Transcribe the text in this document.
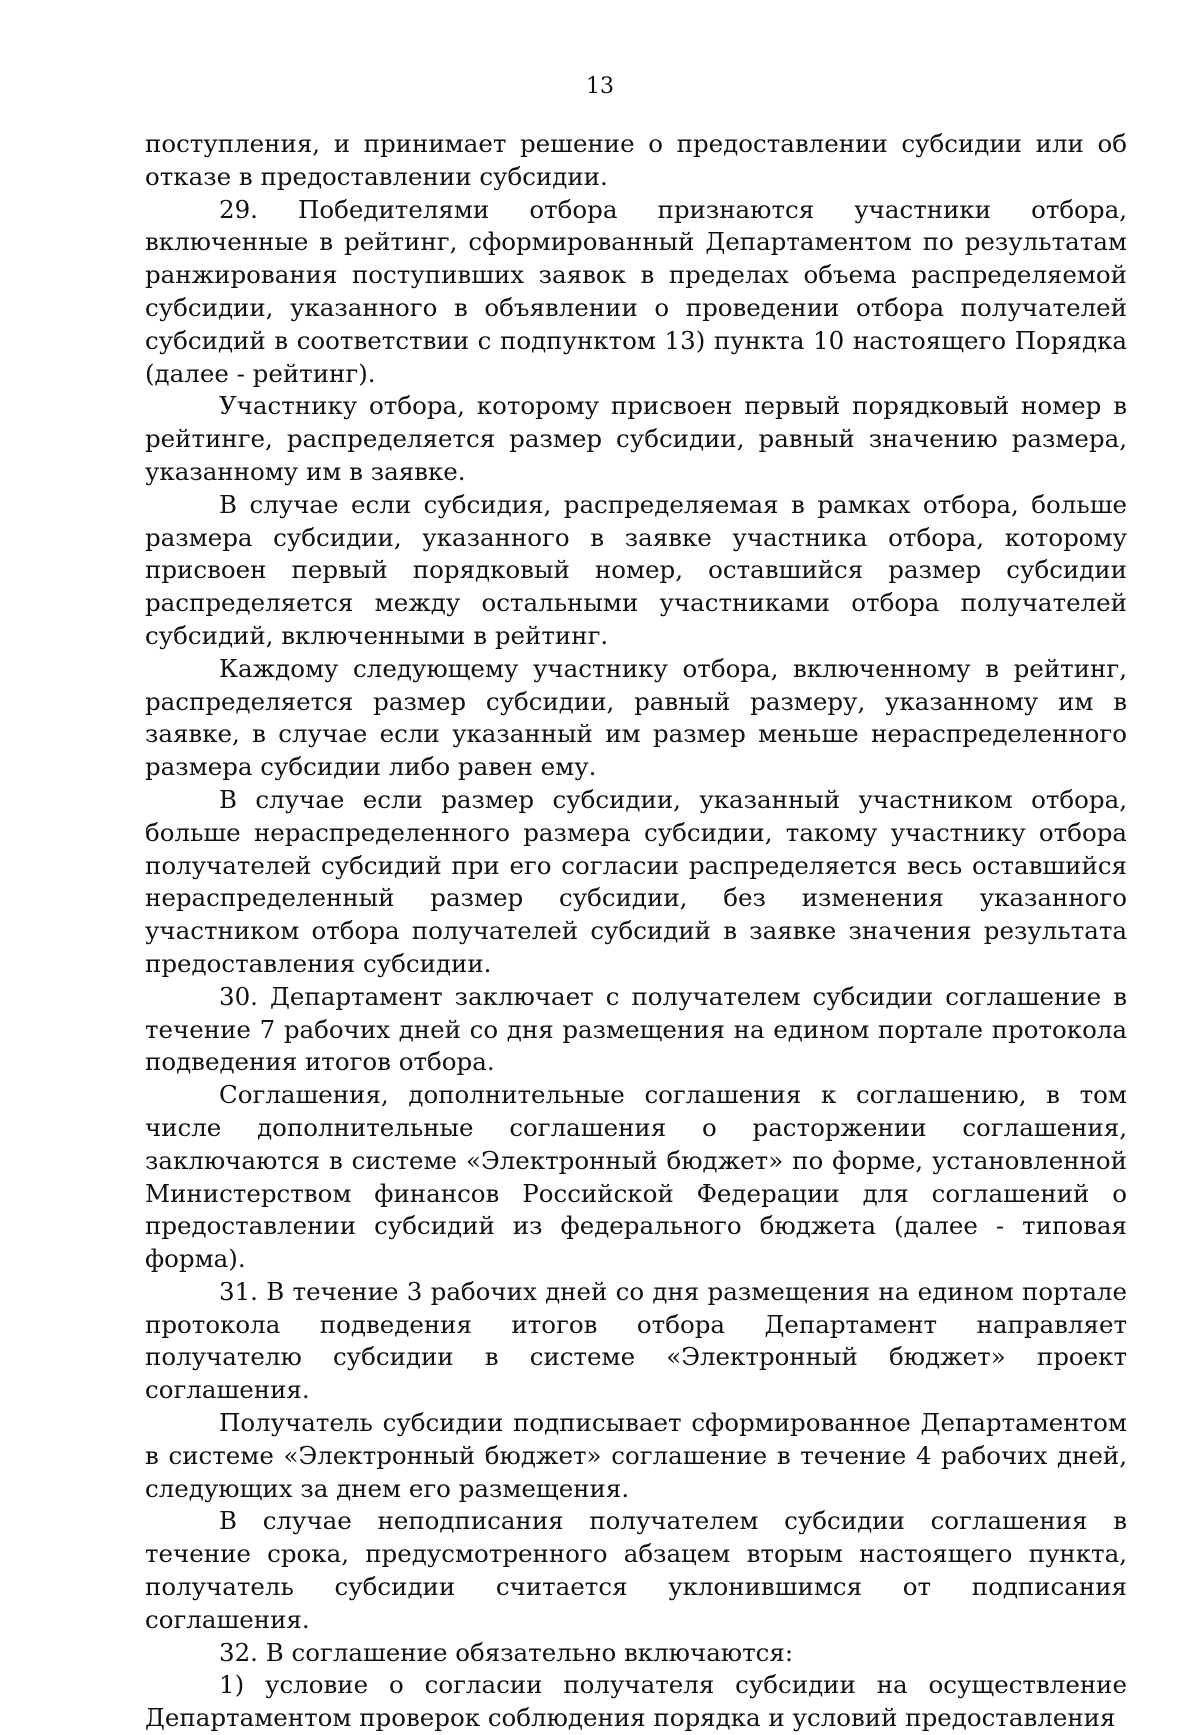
13

поступления, и принимает решение о предоставлении субсидии или об отказе в предоставлении субсидии.

29. Победителями отбора признаются участники отбора, включенные в рейтинг, сформированный Департаментом по результатам ранжирования поступивших заявок в пределах объема распределяемой субсидии, указанного в объявлении о проведении отбора получателей субсидий в соответствии с подпунктом 13) пункта 10 настоящего Порядка (далее - рейтинг).

Участнику отбора, которому присвоен первый порядковый номер в рейтинге, распределяется размер субсидии, равный значению размера, указанному им в заявке.

В случае если субсидия, распределяемая в рамках отбора, больше размера субсидии, указанного в заявке участника отбора, которому присвоен первый порядковый номер, оставшийся размер субсидии распределяется между остальными участниками отбора получателей субсидий, включенными в рейтинг.

Каждому следующему участнику отбора, включенному в рейтинг, распределяется размер субсидии, равный размеру, указанному им в заявке, в случае если указанный им размер меньше нераспределенного размера субсидии либо равен ему.

В случае если размер субсидии, указанный участником отбора, больше нераспределенного размера субсидии, такому участнику отбора получателей субсидий при его согласии распределяется весь оставшийся нераспределенный размер субсидии, без изменения указанного участником отбора получателей субсидий в заявке значения результата предоставления субсидии.

30. Департамент заключает с получателем субсидии соглашение в течение 7 рабочих дней со дня размещения на едином портале протокола подведения итогов отбора.

Соглашения, дополнительные соглашения к соглашению, в том числе дополнительные соглашения о расторжении соглашения, заключаются в системе «Электронный бюджет» по форме, установленной Министерством финансов Российской Федерации для соглашений о предоставлении субсидий из федерального бюджета (далее - типовая форма).

31. В течение 3 рабочих дней со дня размещения на едином портале протокола подведения итогов отбора Департамент направляет получателю субсидии в системе «Электронный бюджет» проект соглашения.

Получатель субсидии подписывает сформированное Департаментом в системе «Электронный бюджет» соглашение в течение 4 рабочих дней, следующих за днем его размещения.

В случае неподписания получателем субсидии соглашения в течение срока, предусмотренного абзацем вторым настоящего пункта, получатель субсидии считается уклонившимся от подписания соглашения.

32. В соглашение обязательно включаются:

1) условие о согласии получателя субсидии на осуществление Департаментом проверок соблюдения порядка и условий предоставления
